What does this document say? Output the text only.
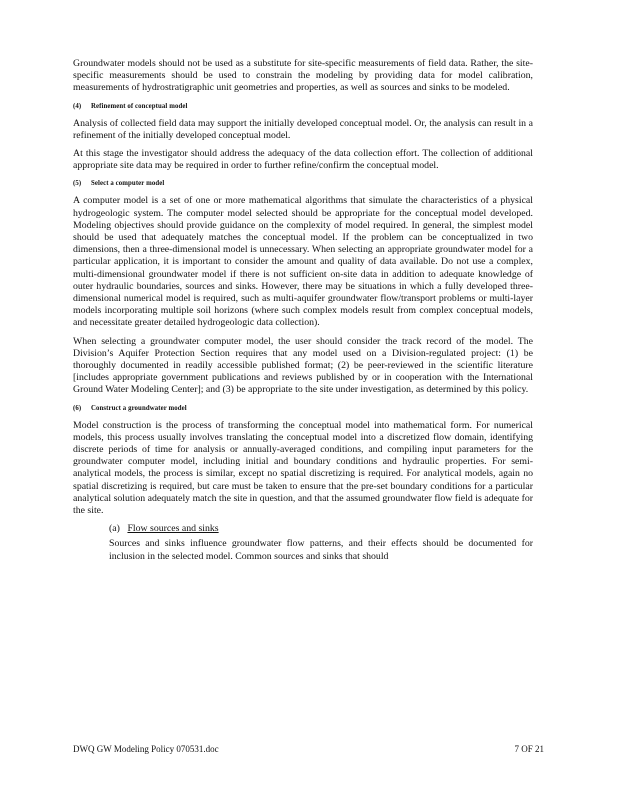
Groundwater models should not be used as a substitute for site-specific measurements of field data. Rather, the site-specific measurements should be used to constrain the modeling by providing data for model calibration, measurements of hydrostratigraphic unit geometries and properties, as well as sources and sinks to be modeled.

(4) Refinement of conceptual model

Analysis of collected field data may support the initially developed conceptual model. Or, the analysis can result in a refinement of the initially developed conceptual model.

At this stage the investigator should address the adequacy of the data collection effort. The collection of additional appropriate site data may be required in order to further refine/confirm the conceptual model.

(5) Select a computer model

A computer model is a set of one or more mathematical algorithms that simulate the characteristics of a physical hydrogeologic system. The computer model selected should be appropriate for the conceptual model developed. Modeling objectives should provide guidance on the complexity of model required. In general, the simplest model should be used that adequately matches the conceptual model. If the problem can be conceptualized in two dimensions, then a three-dimensional model is unnecessary. When selecting an appropriate groundwater model for a particular application, it is important to consider the amount and quality of data available. Do not use a complex, multi-dimensional groundwater model if there is not sufficient on-site data in addition to adequate knowledge of outer hydraulic boundaries, sources and sinks. However, there may be situations in which a fully developed three-dimensional numerical model is required, such as multi-aquifer groundwater flow/transport problems or multi-layer models incorporating multiple soil horizons (where such complex models result from complex conceptual models, and necessitate greater detailed hydrogeologic data collection).

When selecting a groundwater computer model, the user should consider the track record of the model. The Division’s Aquifer Protection Section requires that any model used on a Division-regulated project: (1) be thoroughly documented in readily accessible published format; (2) be peer-reviewed in the scientific literature [includes appropriate government publications and reviews published by or in cooperation with the International Ground Water Modeling Center]; and (3) be appropriate to the site under investigation, as determined by this policy.

(6) Construct a groundwater model

Model construction is the process of transforming the conceptual model into mathematical form. For numerical models, this process usually involves translating the conceptual model into a discretized flow domain, identifying discrete periods of time for analysis or annually-averaged conditions, and compiling input parameters for the groundwater computer model, including initial and boundary conditions and hydraulic properties. For semi-analytical models, the process is similar, except no spatial discretizing is required. For analytical models, again no spatial discretizing is required, but care must be taken to ensure that the pre-set boundary conditions for a particular analytical solution adequately match the site in question, and that the assumed groundwater flow field is adequate for the site.

(a) Flow sources and sinks

Sources and sinks influence groundwater flow patterns, and their effects should be documented for inclusion in the selected model. Common sources and sinks that should

DWQ GW Modeling Policy 070531.doc	7 OF 21
